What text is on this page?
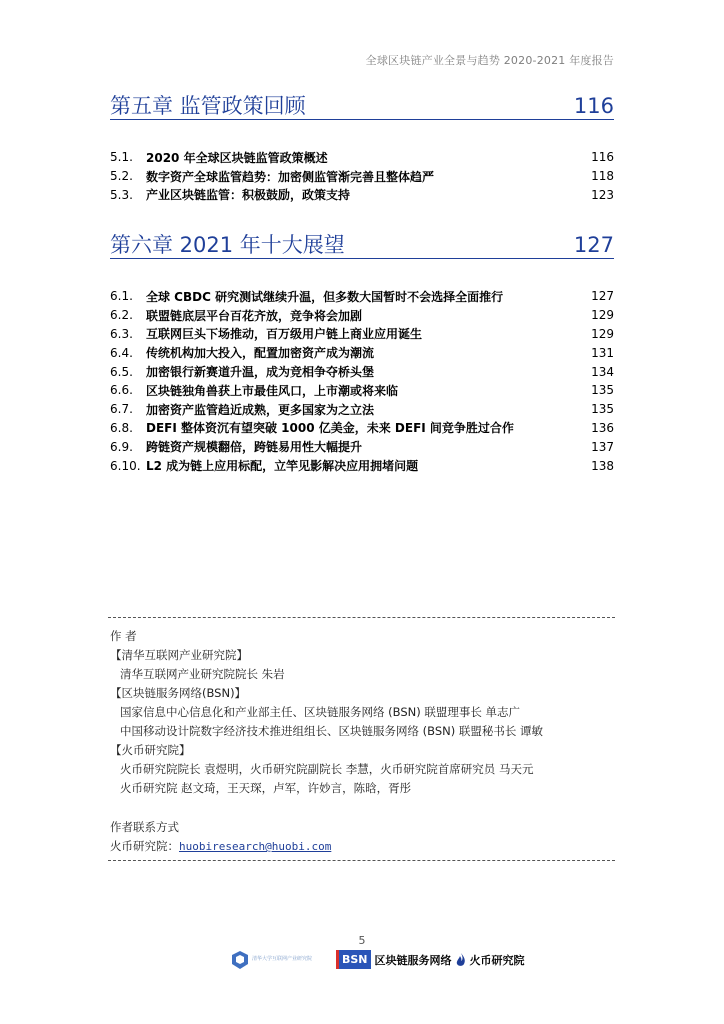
全球区块链产业全景与趋势 2020-2021 年度报告
第五章 监管政策回顾	116
5.1.	2020 年全球区块链监管政策概述	116
5.2.	数字资产全球监管趋势：加密侧监管渐完善且整体趋严	118
5.3.	产业区块链监管：积极鼓励，政策支持	123
第六章 2021 年十大展望	127
6.1.	全球 CBDC 研究测试继续升温，但多数大国暂时不会选择全面推行	127
6.2.	联盟链底层平台百花齐放，竞争将会加剧	129
6.3.	互联网巨头下场推动，百万级用户链上商业应用诞生	129
6.4.	传统机构加大投入，配置加密资产成为潮流	131
6.5.	加密银行新赛道升温，成为竞相争夺桥头堡	134
6.6.	区块链独角兽获上市最佳风口，上市潮或将来临	135
6.7.	加密资产监管趋近成熟，更多国家为之立法	135
6.8.	DEFI 整体资沉有望突破 1000 亿美金，未来 DEFI 间竞争胜过合作	136
6.9.	跨链资产规模翻倍，跨链易用性大幅提升	137
6.10. L2 成为链上应用标配，立竿见影解决应用拥堵问题	138
作 者
【清华互联网产业研究院】
清华互联网产业研究院院长 朱岩
【区块链服务网络(BSN)】
国家信息中心信息化和产业部主任、区块链服务网络 (BSN) 联盟理事长 单志广
中国移动设计院数字经济技术推进组组长、区块链服务网络 (BSN) 联盟秘书长 谭敏
【火币研究院】
火币研究院院长 袁煜明，火币研究院副院长 李慧，火币研究院首席研究员 马天元
火币研究院 赵文琦，王天琛，卢军，许妙言，陈晗，胥彤
作者联系方式
火币研究院：huobiresearch@huobi.com
5
清华大学互联网产业研究院	BSN 区块链服务网络 火币研究院
